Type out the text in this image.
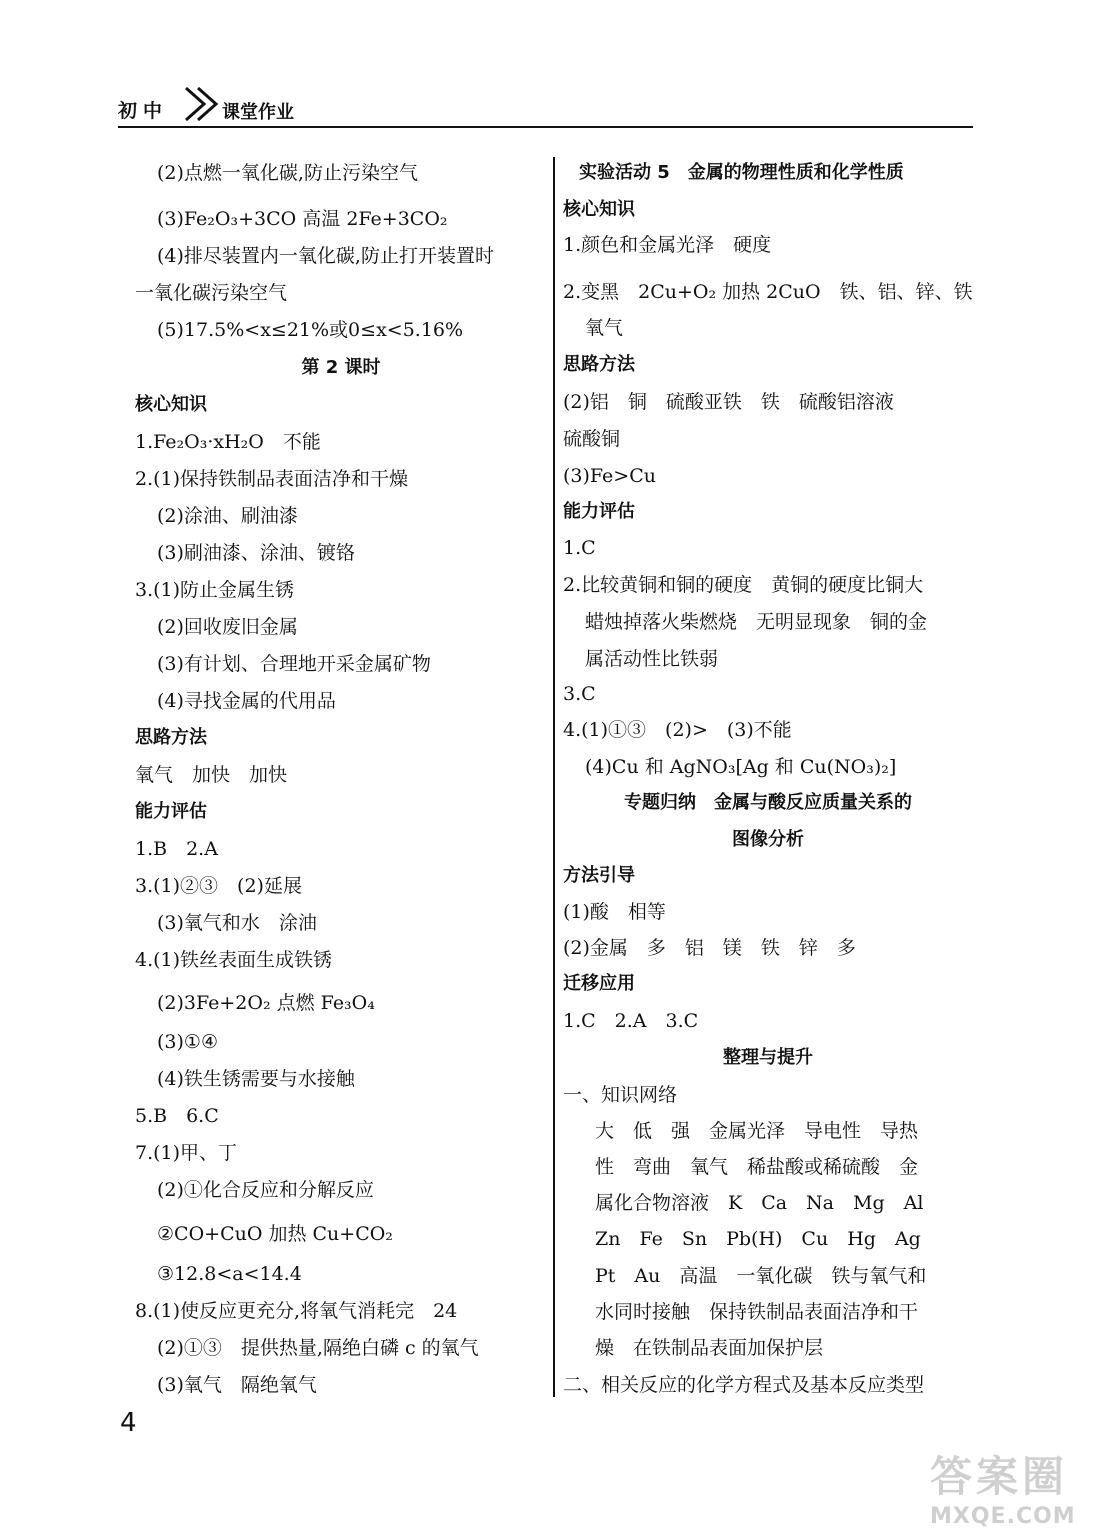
初中	课堂作业
(2)点燃一氧化碳,防止污染空气
(3)Fe₂O₃+3CO 高温 2Fe+3CO₂
(4)排尽装置内一氧化碳,防止打开装置时
一氧化碳污染空气
(5)17.5%<x≤21%或0≤x<5.16%
第 2 课时
核心知识
1.Fe₂O₃·xH₂O　不能
2.(1)保持铁制品表面洁净和干燥
(2)涂油、刷油漆
(3)刷油漆、涂油、镀铬
3.(1)防止金属生锈
(2)回收废旧金属
(3)有计划、合理地开采金属矿物
(4)寻找金属的代用品
思路方法
氧气　加快　加快
能力评估
1.B　2.A
3.(1)②③　(2)延展
(3)氧气和水　涂油
4.(1)铁丝表面生成铁锈
(2)3Fe+2O₂ 点燃 Fe₃O₄
(3)①④
(4)铁生锈需要与水接触
5.B　6.C
7.(1)甲、丁
(2)①化合反应和分解反应
②CO+CuO 加热 Cu+CO₂
③12.8<a<14.4
8.(1)使反应更充分,将氧气消耗完　24
(2)①③　提供热量,隔绝白磷 c 的氧气
(3)氧气　隔绝氧气
实验活动 5　金属的物理性质和化学性质
核心知识
1.颜色和金属光泽　硬度
2.变黑　2Cu+O₂ 加热 2CuO　铁、铝、锌、铁
氧气
思路方法
(2)铝　铜　硫酸亚铁　铁　硫酸铝溶液
硫酸铜
(3)Fe>Cu
能力评估
1.C
2.比较黄铜和铜的硬度　黄铜的硬度比铜大
蜡烛掉落火柴燃烧　无明显现象　铜的金
属活动性比铁弱
3.C
4.(1)①③　(2)>　(3)不能
(4)Cu 和 AgNO₃[Ag 和 Cu(NO₃)₂]
专题归纳　金属与酸反应质量关系的
图像分析
方法引导
(1)酸　相等
(2)金属　多　铝　镁　铁　锌　多
迁移应用
1.C　2.A　3.C
整理与提升
一、知识网络
大　低　强　金属光泽　导电性　导热
性　弯曲　氧气　稀盐酸或稀硫酸　金
属化合物溶液　K　Ca　Na　Mg　Al
Zn　Fe　Sn　Pb(H)　Cu　Hg　Ag
Pt　Au　高温　一氧化碳　铁与氧气和
水同时接触　保持铁制品表面洁净和干
燥　在铁制品表面加保护层
二、相关反应的化学方程式及基本反应类型
4
答案圈
MXQE.COM
